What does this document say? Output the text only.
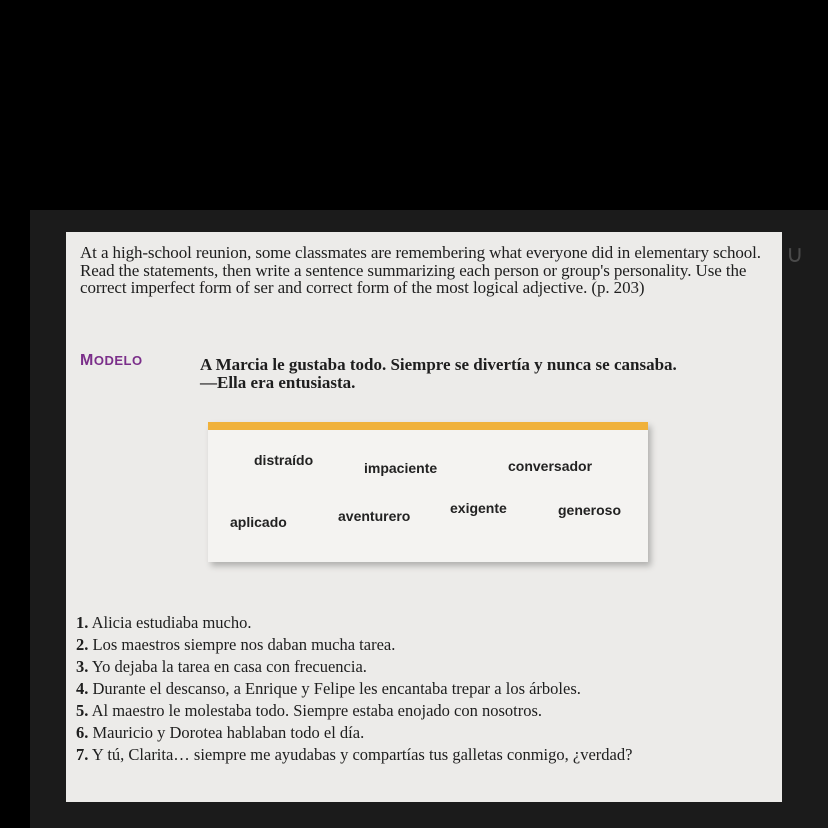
∪
At a high-school reunion, some classmates are remembering what everyone did in elementary school. Read the statements, then write a sentence summarizing each person or group's personality. Use the correct imperfect form of ser and correct form of the most logical adjective. (p. 203)
MODELO	A Marcia le gustaba todo. Siempre se divertía y nunca se cansaba.
—Ella era entusiasta.
distraído	impaciente	conversador
aplicado	aventurero	exigente	generoso
1. Alicia estudiaba mucho.
2. Los maestros siempre nos daban mucha tarea.
3. Yo dejaba la tarea en casa con frecuencia.
4. Durante el descanso, a Enrique y Felipe les encantaba trepar a los árboles.
5. Al maestro le molestaba todo. Siempre estaba enojado con nosotros.
6. Mauricio y Dorotea hablaban todo el día.
7. Y tú, Clarita… siempre me ayudabas y compartías tus galletas conmigo, ¿verdad?
